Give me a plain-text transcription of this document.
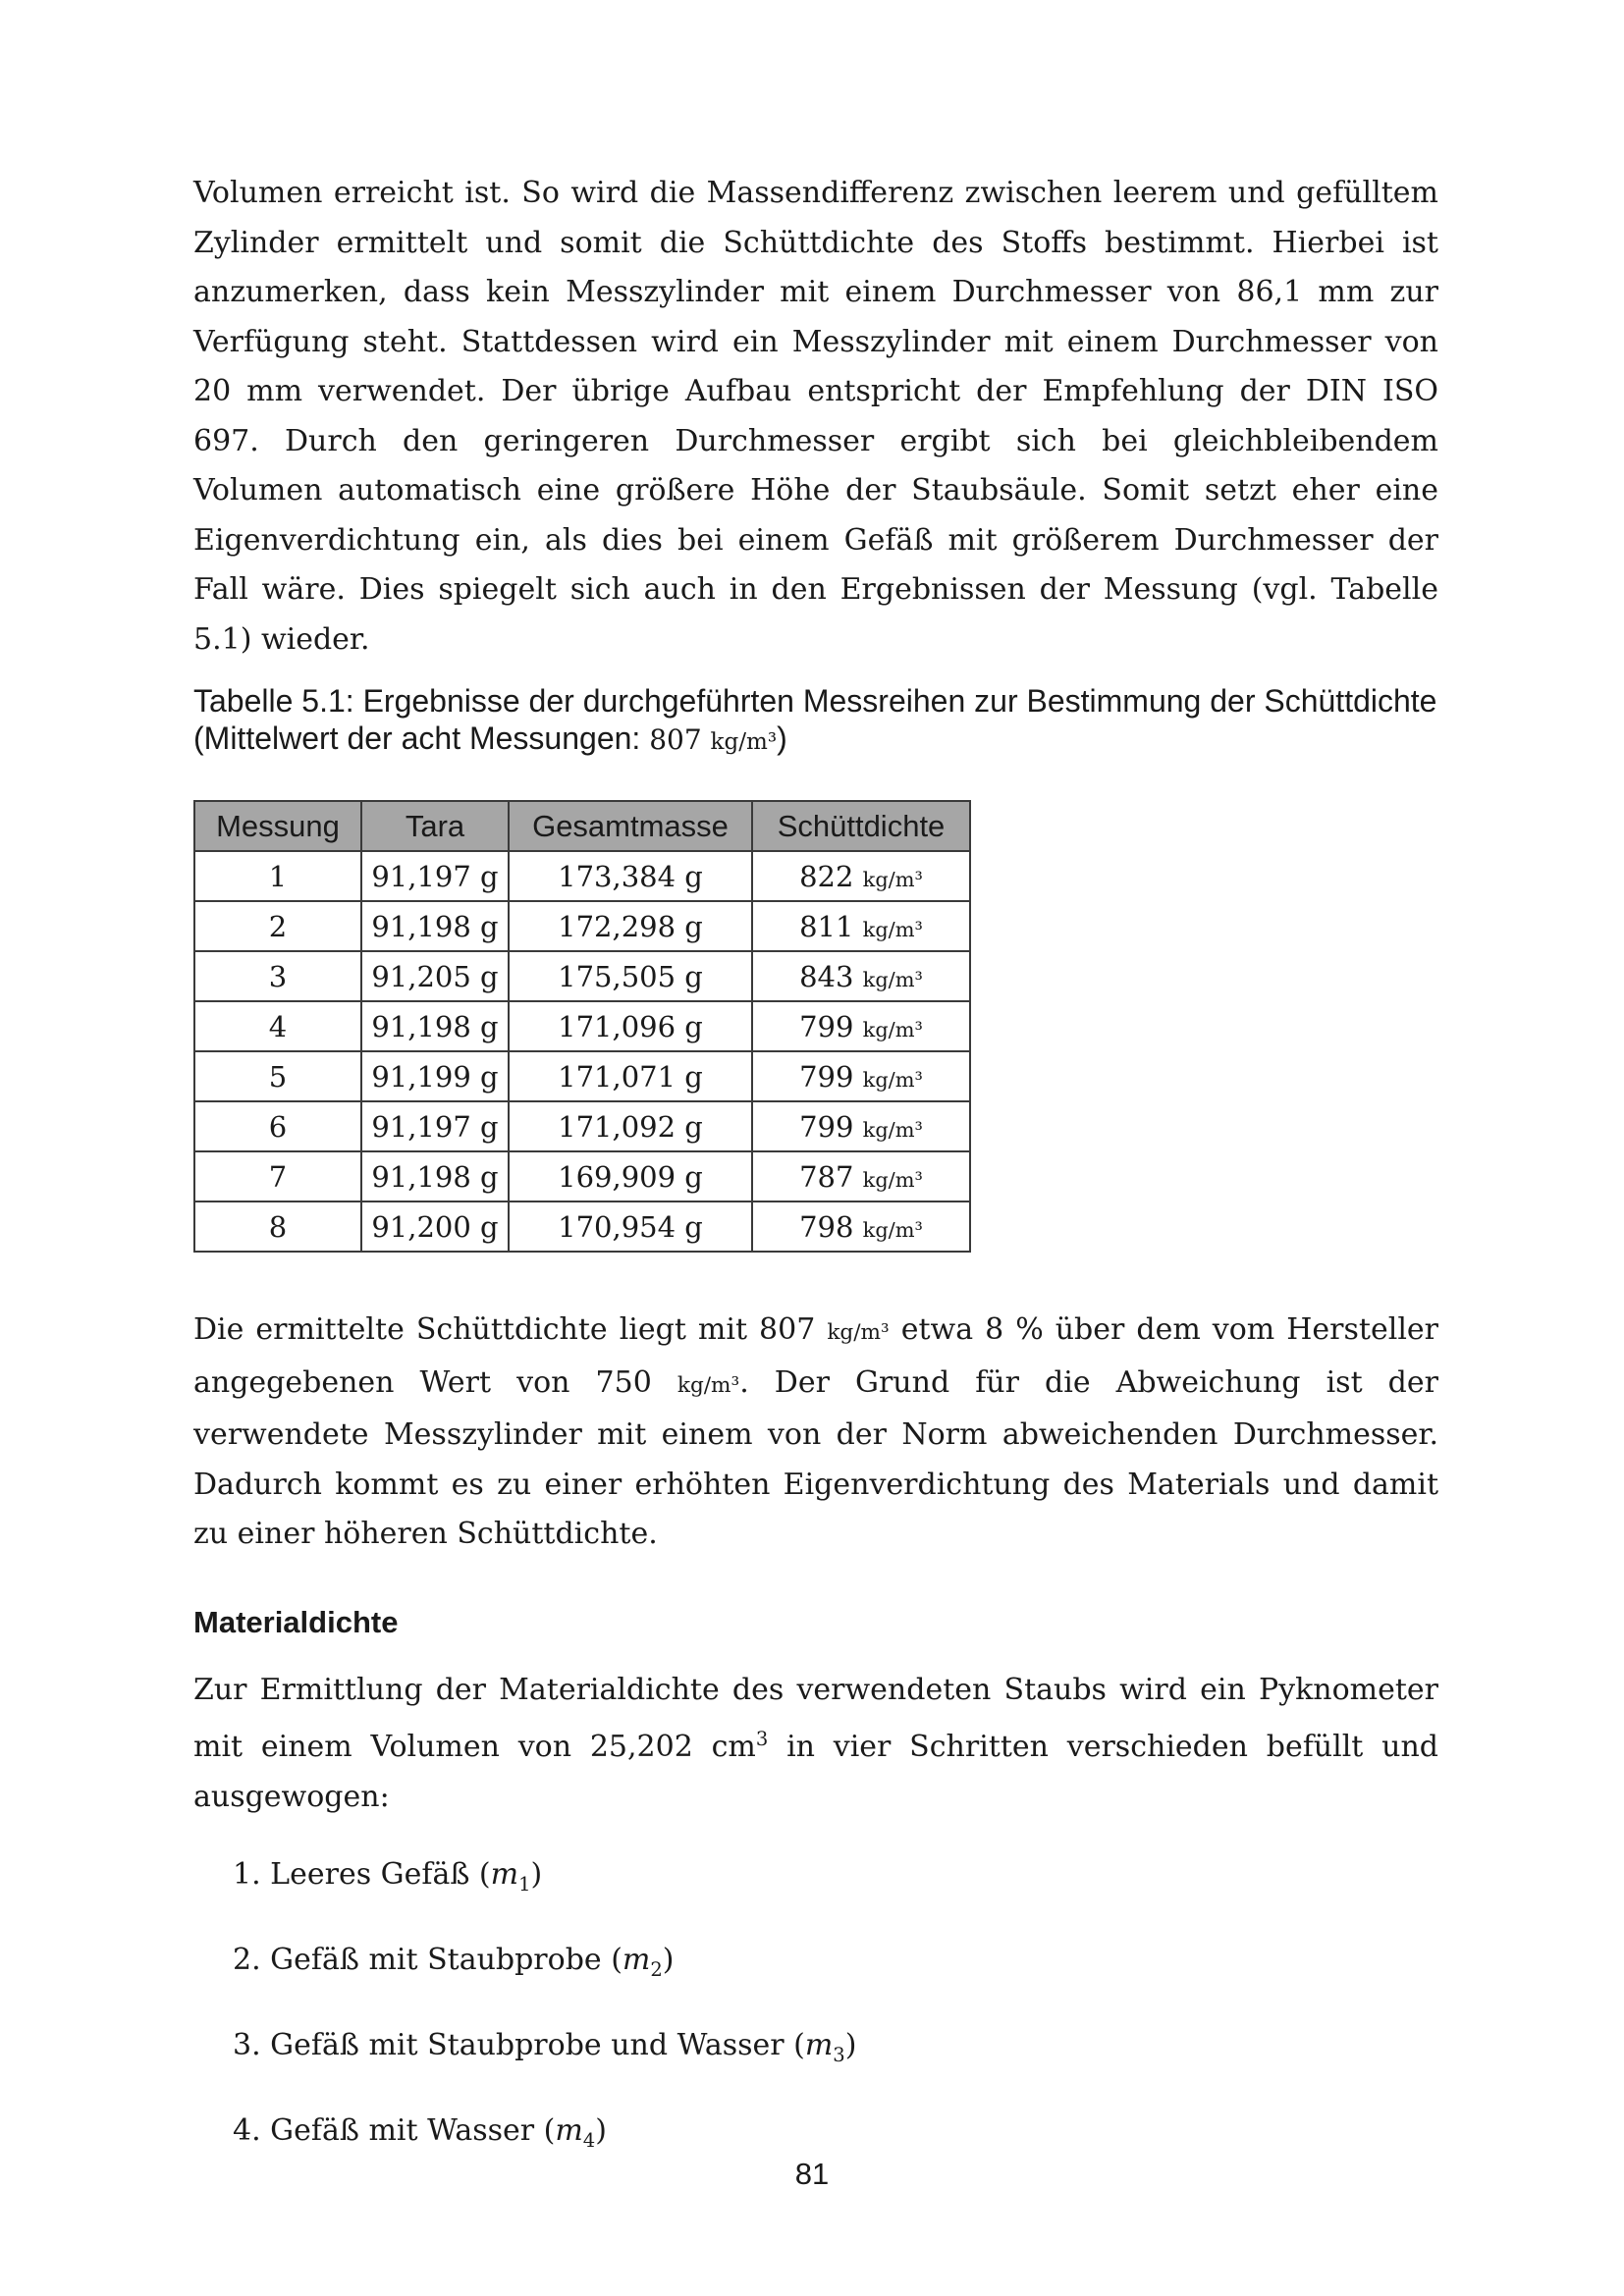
Volumen erreicht ist. So wird die Massendifferenz zwischen leerem und gefülltem Zylinder ermittelt und somit die Schüttdichte des Stoffs bestimmt. Hierbei ist anzumerken, dass kein Messzylinder mit einem Durchmesser von 86,1 mm zur Verfügung steht. Stattdessen wird ein Messzylinder mit einem Durchmesser von 20 mm verwendet. Der übrige Aufbau entspricht der Empfehlung der DIN ISO 697. Durch den geringeren Durchmesser ergibt sich bei gleichbleibendem Volumen automatisch eine größere Höhe der Staubsäule. Somit setzt eher eine Eigenverdichtung ein, als dies bei einem Gefäß mit größerem Durchmesser der Fall wäre. Dies spiegelt sich auch in den Ergebnissen der Messung (vgl. Tabelle 5.1) wieder.

Tabelle 5.1: Ergebnisse der durchgeführten Messreihen zur Bestimmung der Schüttdichte (Mittelwert der acht Messungen: 807 kg/m³)

Messung	Tara	Gesamtmasse	Schüttdichte
1	91,197 g	173,384 g	822 kg/m³
2	91,198 g	172,298 g	811 kg/m³
3	91,205 g	175,505 g	843 kg/m³
4	91,198 g	171,096 g	799 kg/m³
5	91,199 g	171,071 g	799 kg/m³
6	91,197 g	171,092 g	799 kg/m³
7	91,198 g	169,909 g	787 kg/m³
8	91,200 g	170,954 g	798 kg/m³

Die ermittelte Schüttdichte liegt mit 807 kg/m³ etwa 8 % über dem vom Hersteller angegebenen Wert von 750 kg/m³. Der Grund für die Abweichung ist der verwendete Messzylinder mit einem von der Norm abweichenden Durchmesser. Dadurch kommt es zu einer erhöhten Eigenverdichtung des Materials und damit zu einer höheren Schüttdichte.

Materialdichte

Zur Ermittlung der Materialdichte des verwendeten Staubs wird ein Pyknometer mit einem Volumen von 25,202 $cm^3$ in vier Schritten verschieden befüllt und ausgewogen:

1. Leeres Gefäß $(m_1)$
2. Gefäß mit Staubprobe $(m_2)$
3. Gefäß mit Staubprobe und Wasser $(m_3)$
4. Gefäß mit Wasser $(m_4)$
81
